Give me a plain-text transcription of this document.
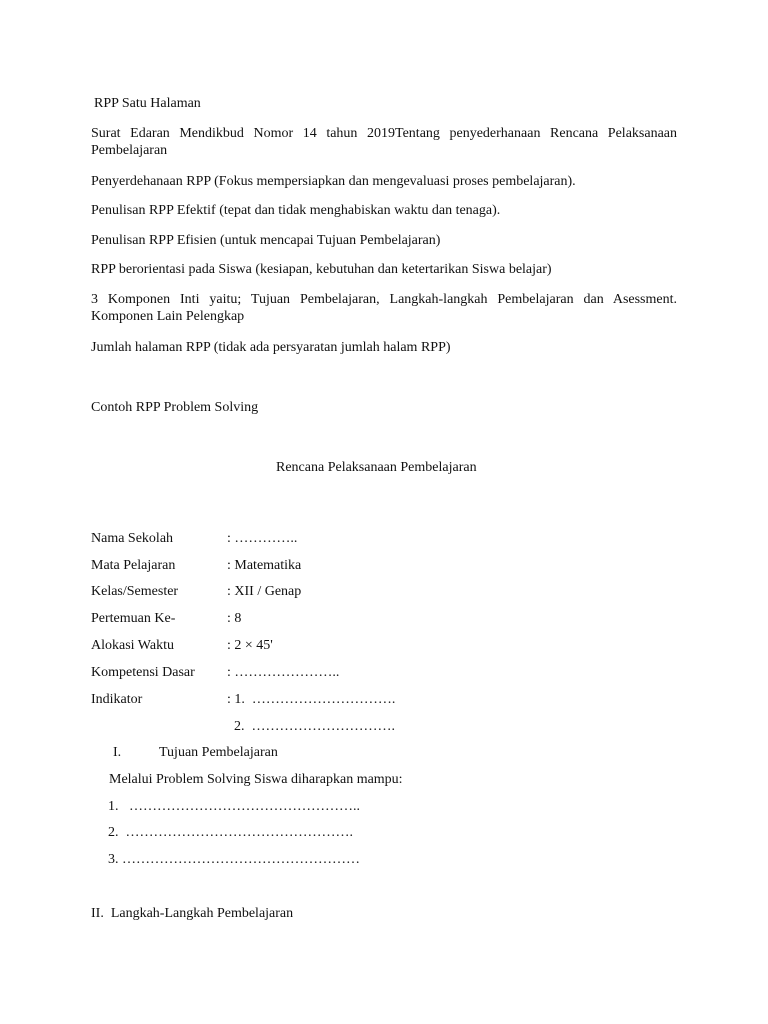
RPP Satu Halaman
Surat Edaran Mendikbud Nomor 14 tahun 2019Tentang penyederhanaan Rencana Pelaksanaan Pembelajaran
Penyerdehanaan RPP (Fokus mempersiapkan dan mengevaluasi proses pembelajaran).
Penulisan RPP Efektif (tepat dan tidak menghabiskan waktu dan tenaga).
Penulisan RPP Efisien (untuk mencapai Tujuan Pembelajaran)
RPP berorientasi pada Siswa (kesiapan, kebutuhan dan ketertarikan Siswa belajar)
3 Komponen Inti yaitu; Tujuan Pembelajaran, Langkah-langkah Pembelajaran dan Asessment. Komponen Lain Pelengkap
Jumlah halaman RPP (tidak ada persyaratan jumlah halam RPP)
Contoh RPP Problem Solving
Rencana Pelaksanaan Pembelajaran
Nama Sekolah	: …………..
Mata Pelajaran	: Matematika
Kelas/Semester	: XII / Genap
Pertemuan Ke-	: 8
Alokasi Waktu	: 2 × 45'
Kompetensi Dasar : …………………..
Indikator	: 1.  ………………………….
2.  ………………………….
I.	Tujuan Pembelajaran
Melalui Problem Solving Siswa diharapkan mampu:
1.   …………………………………………..
2.  ………………………………………….
3. ……………………………………………
II.  Langkah-Langkah Pembelajaran
